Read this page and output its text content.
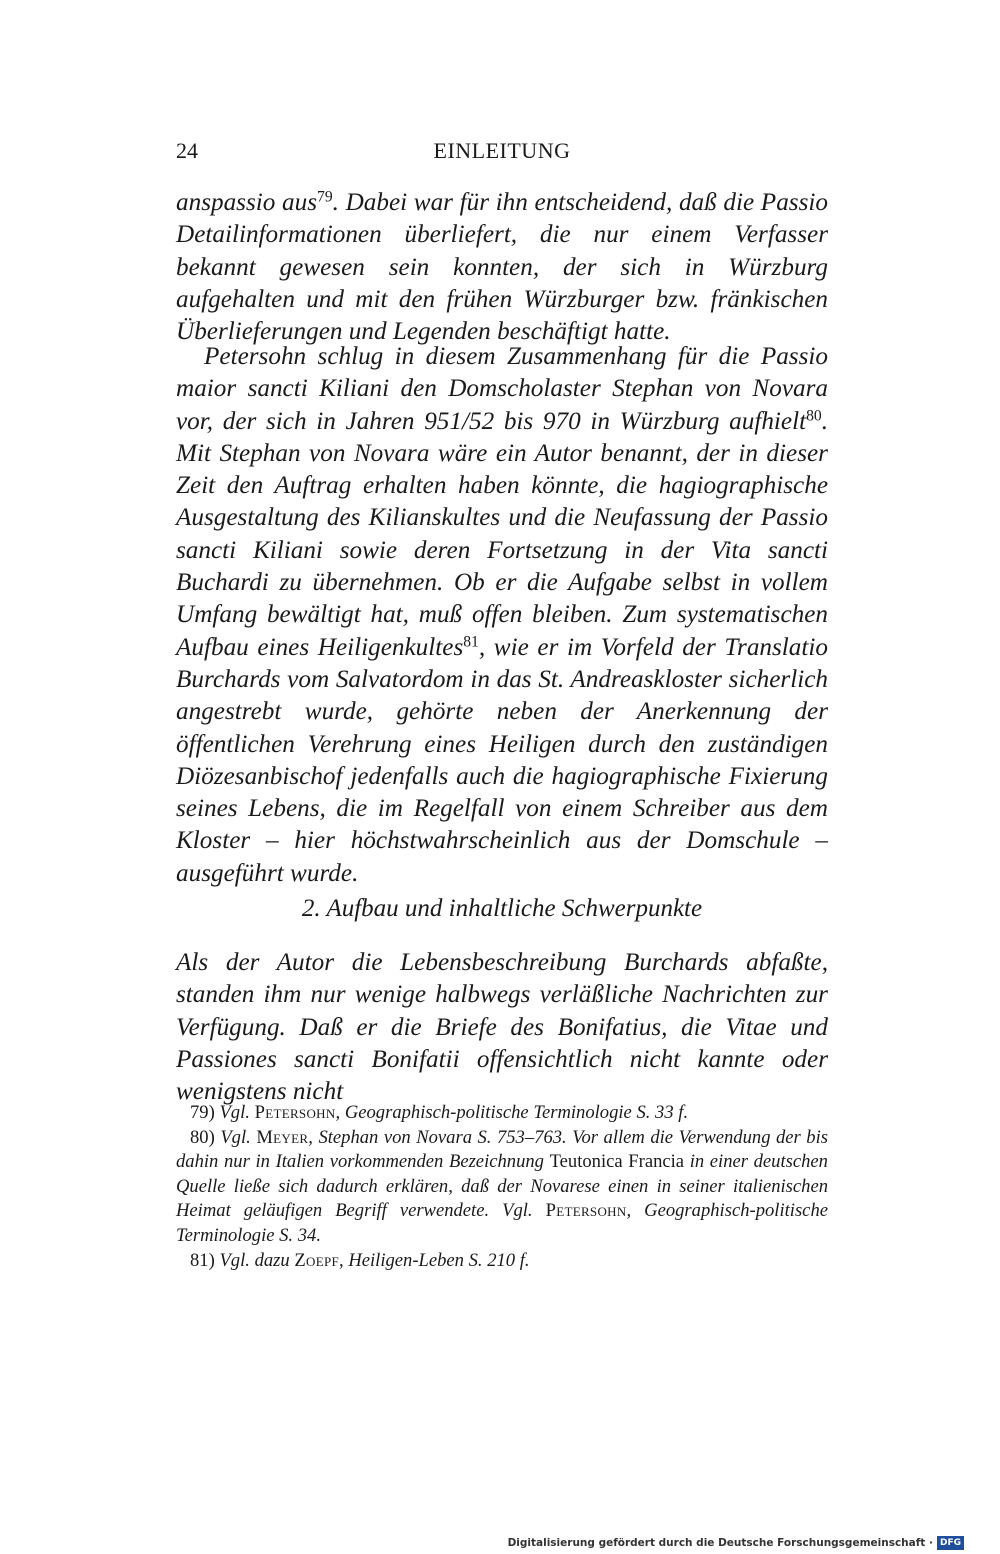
24	EINLEITUNG

anspassio aus$^{79}$. Dabei war für ihn entscheidend, daß die Passio Detailinformationen überliefert, die nur einem Verfasser bekannt gewesen sein konnten, der sich in Würzburg aufgehalten und mit den frühen Würzburger bzw. fränkischen Überlieferungen und Legenden beschäftigt hatte.

Petersohn schlug in diesem Zusammenhang für die Passio maior sancti Kiliani den Domscholaster Stephan von Novara vor, der sich in Jahren 951/52 bis 970 in Würzburg aufhielt$^{80}$. Mit Stephan von Novara wäre ein Autor benannt, der in dieser Zeit den Auftrag erhalten haben könnte, die hagiographische Ausgestaltung des Kilianskultes und die Neufassung der Passio sancti Kiliani sowie deren Fortsetzung in der Vita sancti Buchardi zu übernehmen. Ob er die Aufgabe selbst in vollem Umfang bewältigt hat, muß offen bleiben. Zum systematischen Aufbau eines Heiligenkultes$^{81}$, wie er im Vorfeld der Translatio Burchards vom Salvatordom in das St. Andreaskloster sicherlich angestrebt wurde, gehörte neben der Anerkennung der öffentlichen Verehrung eines Heiligen durch den zuständigen Diözesanbischof jedenfalls auch die hagiographische Fixierung seines Lebens, die im Regelfall von einem Schreiber aus dem Kloster – hier höchstwahrscheinlich aus der Domschule – ausgeführt wurde.

2. Aufbau und inhaltliche Schwerpunkte

Als der Autor die Lebensbeschreibung Burchards abfaßte, standen ihm nur wenige halbwegs verläßliche Nachrichten zur Verfügung. Daß er die Briefe des Bonifatius, die Vitae und Passiones sancti Bonifatii offensichtlich nicht kannte oder wenigstens nicht

79) Vgl. Petersohn, Geographisch-politische Terminologie S. 33 f.

80) Vgl. Meyer, Stephan von Novara S. 753–763. Vor allem die Verwendung der bis dahin nur in Italien vorkommenden Bezeichnung Teutonica Francia in einer deutschen Quelle ließe sich dadurch erklären, daß der Novarese einen in seiner italienischen Heimat geläufigen Begriff verwendete. Vgl. Petersohn, Geographisch-politische Terminologie S. 34.

81) Vgl. dazu Zoepf, Heiligen-Leben S. 210 f.

Digitalisierung gefördert durch die Deutsche Forschungsgemeinschaft · DFG
